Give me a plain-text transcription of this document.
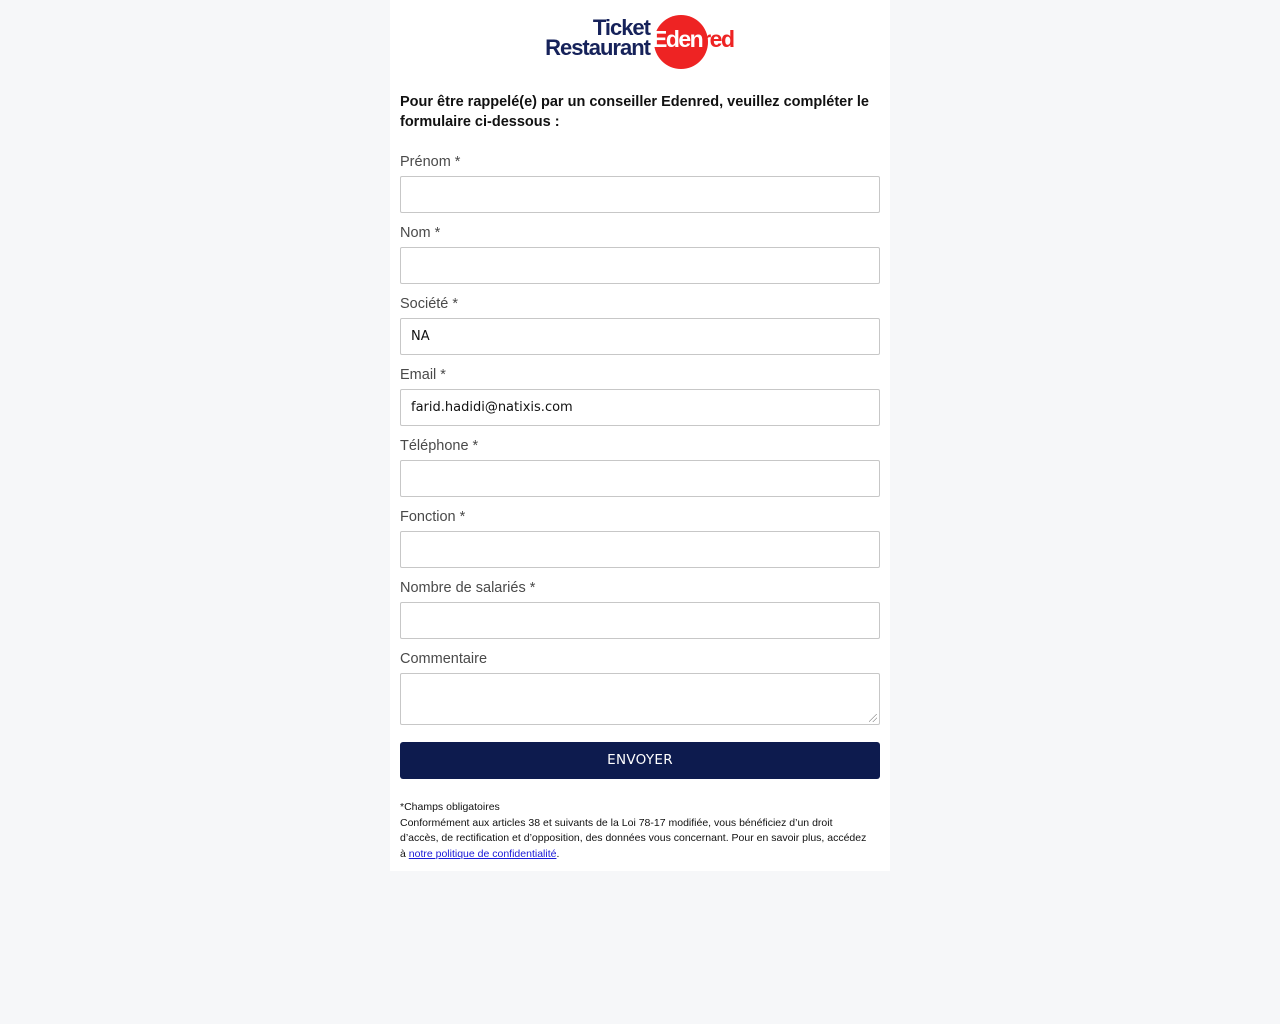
Ticket
Restaurant Edenred
Pour être rappelé(e) par un conseiller Edenred, veuillez compléter le formulaire ci-dessous :
Prénom *
Nom *
Société *
NA
Email *
farid.hadidi@natixis.com
Téléphone *
Fonction *
Nombre de salariés *
Commentaire
ENVOYER
*Champs obligatoires
Conformément aux articles 38 et suivants de la Loi 78-17 modifiée, vous bénéficiez d’un droit d’accès, de rectification et d’opposition, des données vous concernant. Pour en savoir plus, accédez à notre politique de confidentialité.
